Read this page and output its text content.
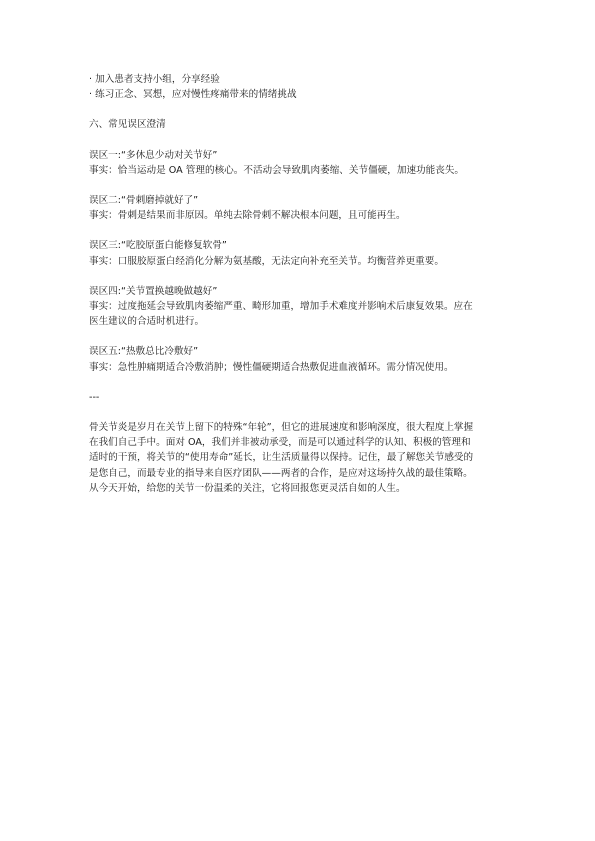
· 加入患者支持小组，分享经验
· 练习正念、冥想，应对慢性疼痛带来的情绪挑战
六、常见误区澄清
误区一:“多休息少动对关节好”
事实：恰当运动是 OA 管理的核心。不活动会导致肌肉萎缩、关节僵硬，加速功能丧失。
误区二:“骨刺磨掉就好了”
事实：骨刺是结果而非原因。单纯去除骨刺不解决根本问题，且可能再生。
误区三:“吃胶原蛋白能修复软骨”
事实：口服胶原蛋白经消化分解为氨基酸，无法定向补充至关节。均衡营养更重要。
误区四:“关节置换越晚做越好”
事实：过度拖延会导致肌肉萎缩严重、畸形加重，增加手术难度并影响术后康复效果。应在
医生建议的合适时机进行。
误区五:“热敷总比冷敷好”
事实：急性肿痛期适合冷敷消肿；慢性僵硬期适合热敷促进血液循环。需分情况使用。
---
骨关节炎是岁月在关节上留下的特殊“年轮”，但它的进展速度和影响深度，很大程度上掌握
在我们自己手中。面对 OA，我们并非被动承受，而是可以通过科学的认知、积极的管理和
适时的干预，将关节的“使用寿命”延长，让生活质量得以保持。记住，最了解您关节感受的
是您自己，而最专业的指导来自医疗团队——两者的合作，是应对这场持久战的最佳策略。
从今天开始，给您的关节一份温柔的关注，它将回报您更灵活自如的人生。
